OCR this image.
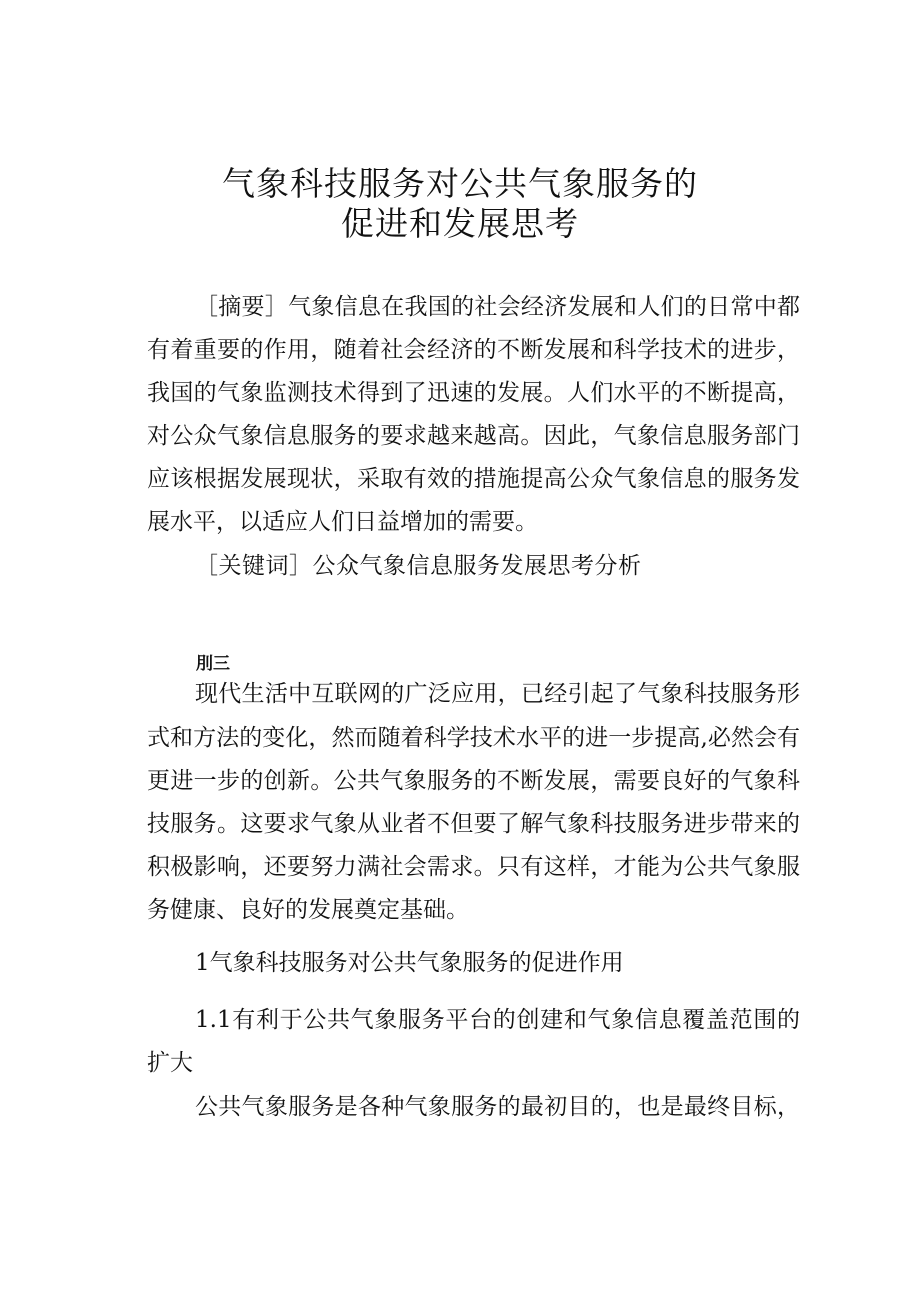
气象科技服务对公共气象服务的
促进和发展思考
［摘要］气象信息在我国的社会经济发展和人们的日常中都
有着重要的作用，随着社会经济的不断发展和科学技术的进步，
我国的气象监测技术得到了迅速的发展。人们水平的不断提高，
对公众气象信息服务的要求越来越高。因此，气象信息服务部门
应该根据发展现状，采取有效的措施提高公众气象信息的服务发
展水平，以适应人们日益增加的需要。
［关键词］公众气象信息服务发展思考分析
刖三
现代生活中互联网的广泛应用，已经引起了气象科技服务形
式和方法的变化，然而随着科学技术水平的进一步提高,必然会有
更进一步的创新。公共气象服务的不断发展，需要良好的气象科
技服务。这要求气象从业者不但要了解气象科技服务进步带来的
积极影响，还要努力满社会需求。只有这样，才能为公共气象服
务健康、良好的发展奠定基础。
1气象科技服务对公共气象服务的促进作用
1.1有利于公共气象服务平台的创建和气象信息覆盖范围的
扩大
公共气象服务是各种气象服务的最初目的，也是最终目标，
